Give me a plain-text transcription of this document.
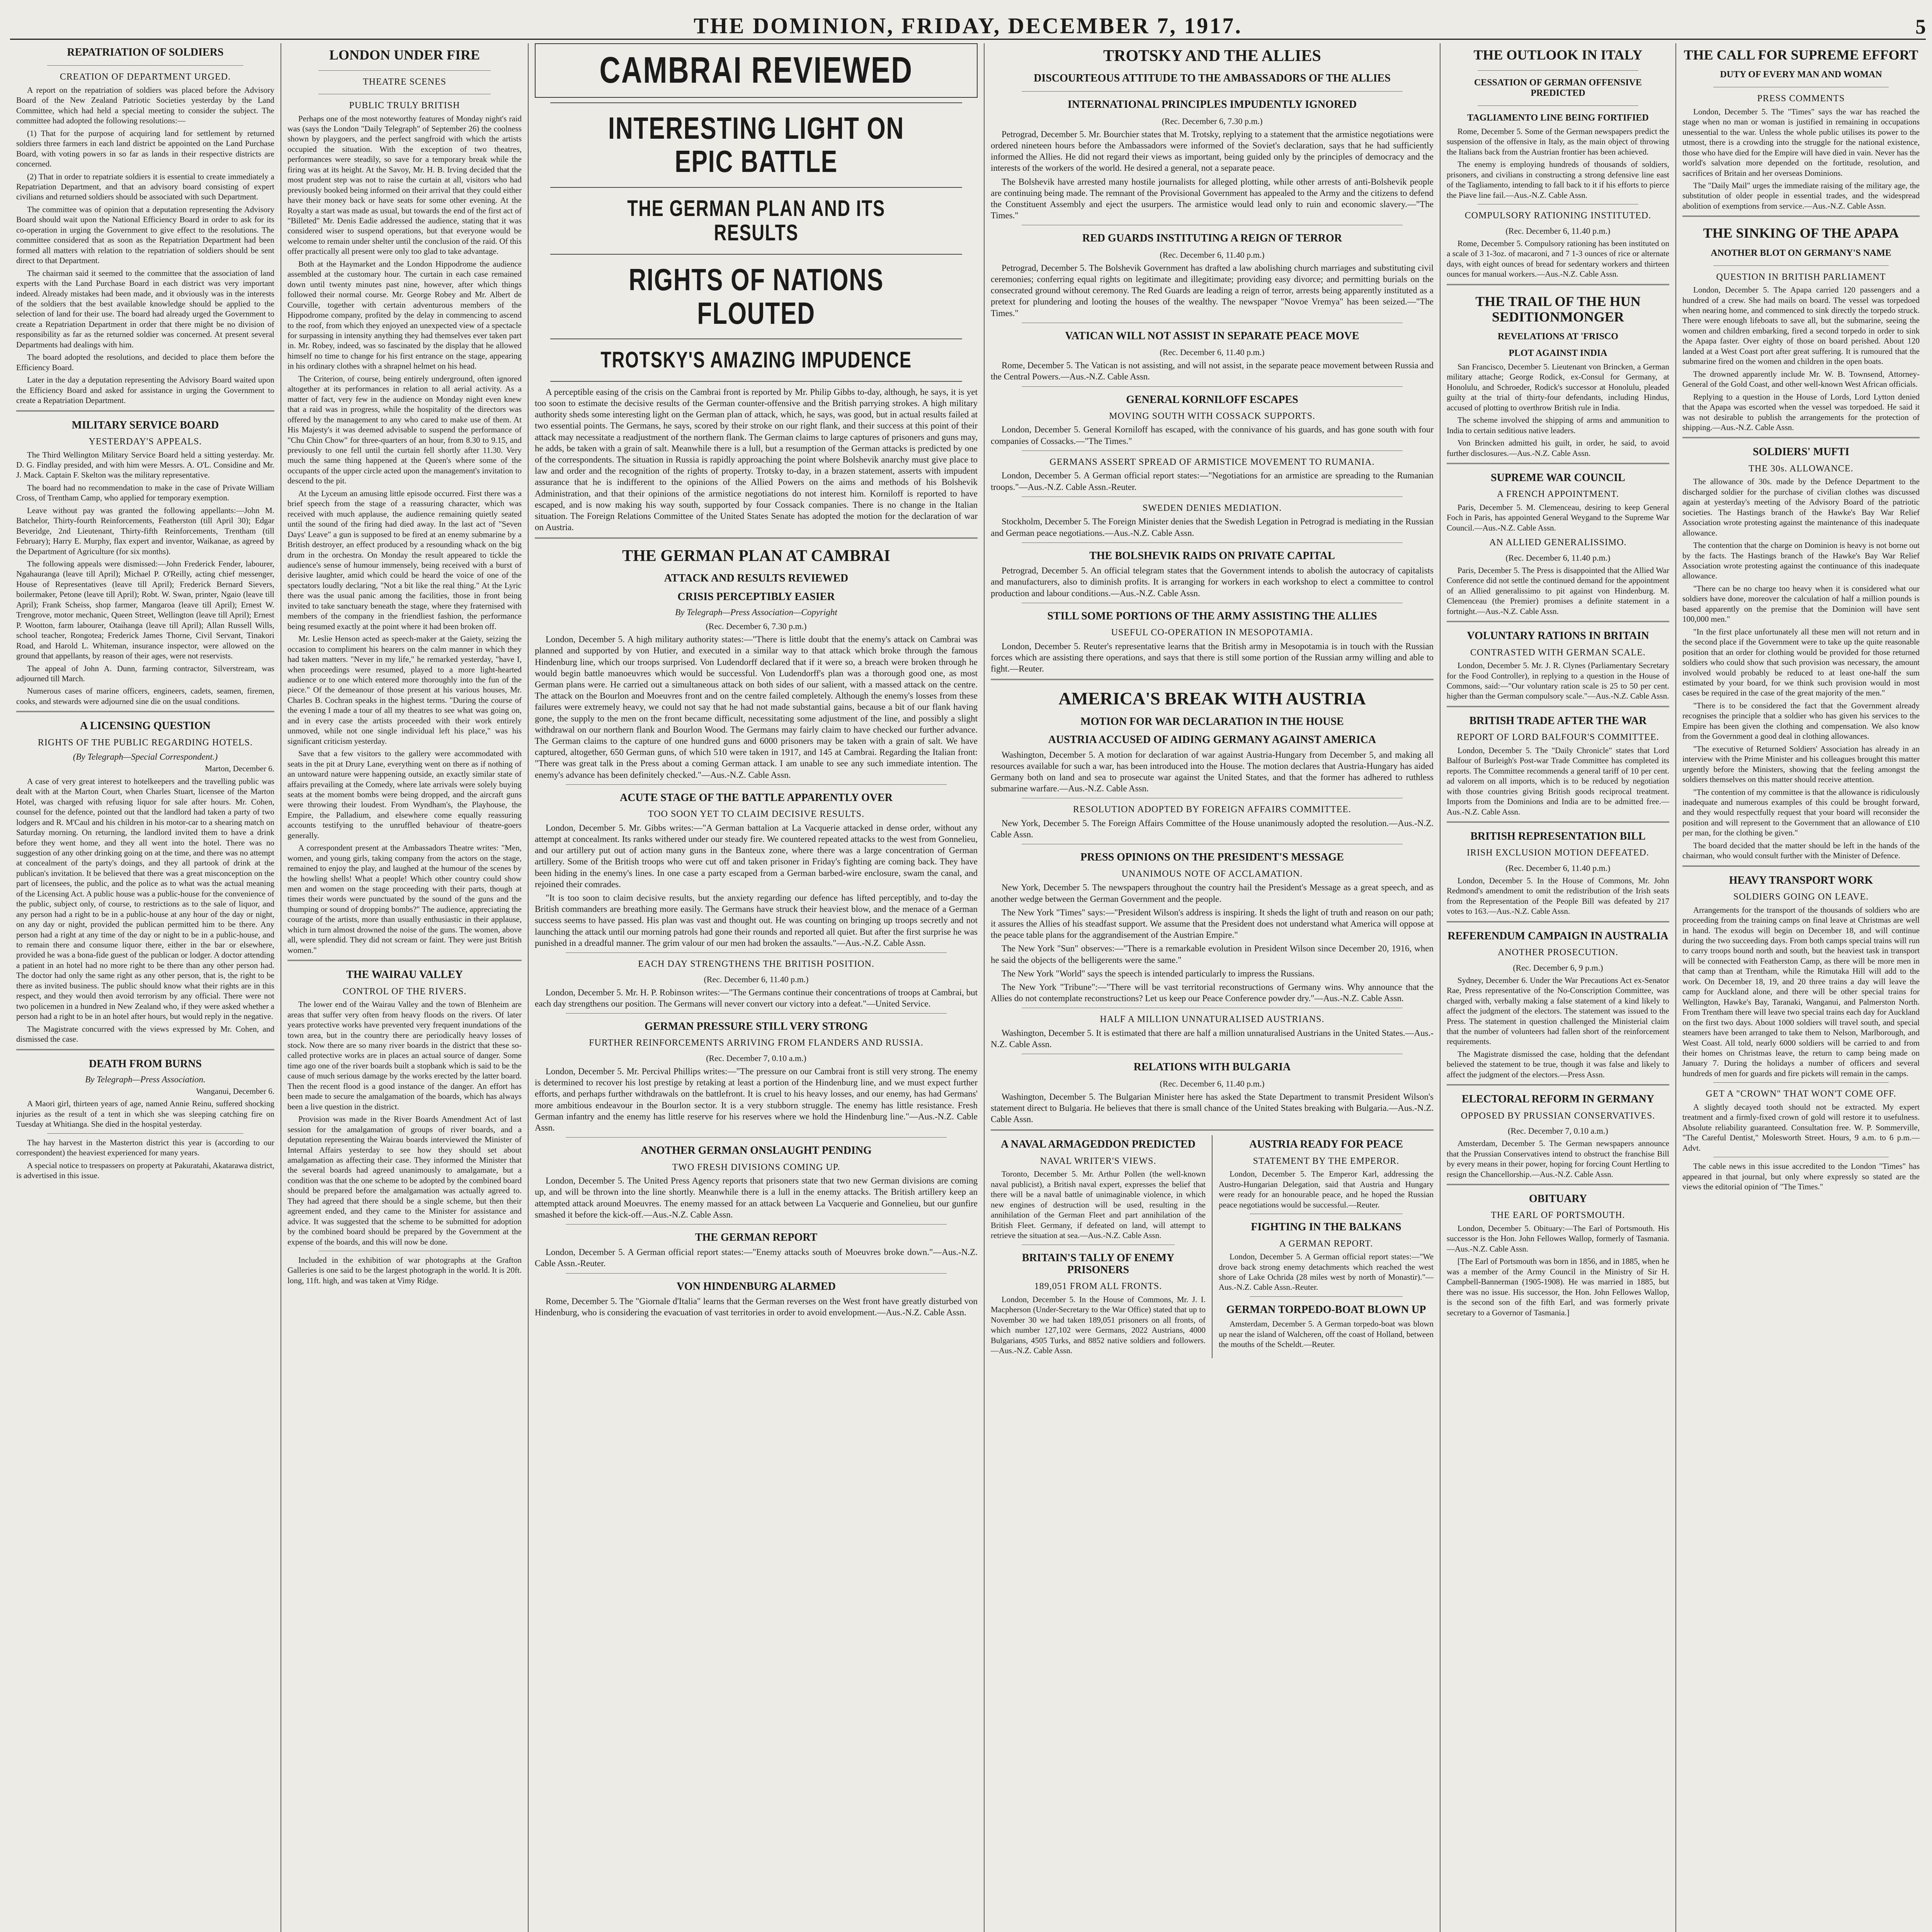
THE DOMINION, FRIDAY, DECEMBER 7, 1917.	5
REPATRIATION OF SOLDIERS
CREATION OF DEPARTMENT URGED.

A report on the repatriation of soldiers was placed before the Advisory Board of the New Zealand Patriotic Societies yesterday by the Land Committee, which had held a special meeting to consider the subject. The committee had adopted the following resolutions:—

(1) That for the purpose of acquiring land for settlement by returned soldiers three farmers in each land district be appointed on the Land Purchase Board, with voting powers in so far as lands in their respective districts are concerned.

(2) That in order to repatriate soldiers it is essential to create immediately a Repatriation Department, and that an advisory board consisting of expert civilians and returned soldiers should be associated with such Department.

The committee was of opinion that a deputation representing the Advisory Board should wait upon the National Efficiency Board in order to ask for its co-operation in urging the Government to give effect to the resolutions. The committee considered that as soon as the Repatriation Department had been formed all matters with relation to the repatriation of soldiers should be sent direct to that Department.

The chairman said it seemed to the committee that the association of land experts with the Land Purchase Board in each district was very important indeed. Already mistakes had been made, and it obviously was in the interests of the soldiers that the best available knowledge should be applied to the selection of land for their use. The board had already urged the Government to create a Repatriation Department in order that there might be no division of responsibility as far as the returned soldier was concerned. At present several Departments had dealings with him.

The board adopted the resolutions, and decided to place them before the Efficiency Board.

Later in the day a deputation representing the Advisory Board waited upon the Efficiency Board and asked for assistance in urging the Government to create a Repatriation Department.

MILITARY SERVICE BOARD
YESTERDAY'S APPEALS.

The Third Wellington Military Service Board held a sitting yesterday. Mr. D. G. Findlay presided, and with him were Messrs. A. O'L. Considine and Mr. J. Mack. Captain F. Skelton was the military representative.

The board had no recommendation to make in the case of Private William Cross, of Trentham Camp, who applied for temporary exemption.

Leave without pay was granted the following appellants:—John M. Batchelor, Thirty-fourth Reinforcements, Featherston (till April 30); Edgar Beveridge, 2nd Lieutenant, Thirty-fifth Reinforcements, Trentham (till February); Harry E. Murphy, flax expert and inventor, Waikanae, as agreed by the Department of Agriculture (for six months).

The following appeals were dismissed:—John Frederick Fender, labourer, Ngahauranga (leave till April); Michael P. O'Reilly, acting chief messenger, House of Representatives (leave till April); Frederick Bernard Sievers, boilermaker, Petone (leave till April); Robt. W. Swan, printer, Ngaio (leave till April); Frank Scheiss, shop farmer, Mangaroa (leave till April); Ernest W. Trengrove, motor mechanic, Queen Street, Wellington (leave till April); Ernest P. Wootton, farm labourer, Otaihanga (leave till April); Allan Russell Wills, school teacher, Rongotea; Frederick James Thorne, Civil Servant, Tinakori Road, and Harold L. Whiteman, insurance inspector, were allowed on the ground that appellants, by reason of their ages, were not reservists.

The appeal of John A. Dunn, farming contractor, Silverstream, was adjourned till March.

Numerous cases of marine officers, engineers, cadets, seamen, firemen, cooks, and stewards were adjourned sine die on the usual conditions.

A LICENSING QUESTION
RIGHTS OF THE PUBLIC REGARDING HOTELS.
(By Telegraph—Special Correspondent.)

Marton, December 6.

A case of very great interest to hotelkeepers and the travelling public was dealt with at the Marton Court, when Charles Stuart, licensee of the Marton Hotel, was charged with refusing liquor for sale after hours. Mr. Cohen, counsel for the defence, pointed out that the landlord had taken a party of two lodgers and R. M'Caul and his children in his motor-car to a shearing match on Saturday morning. On returning, the landlord invited them to have a drink before they went home, and they all went into the hotel. There was no suggestion of any other drinking going on at the time, and there was no attempt at concealment of the party's doings, and they all partook of drink at the publican's invitation. It be believed that there was a great misconception on the part of licensees, the public, and the police as to what was the actual meaning of the Licensing Act. A public house was a public-house for the convenience of the public, subject only, of course, to restrictions as to the sale of liquor, and any person had a right to be in a public-house at any hour of the day or night, on any day or night, provided the publican permitted him to be there. Any person had a right at any time of the day or night to be in a public-house, and to remain there and consume liquor there, either in the bar or elsewhere, provided he was a bona-fide guest of the publican or lodger. A doctor attending a patient in an hotel had no more right to be there than any other person had. The doctor had only the same right as any other person, that is, the right to be there as invited business. The public should know what their rights are in this respect, and they would then avoid terrorism by any official. There were not two policemen in a hundred in New Zealand who, if they were asked whether a person had a right to be in an hotel after hours, but would reply in the negative.

The Magistrate concurred with the views expressed by Mr. Cohen, and dismissed the case.

DEATH FROM BURNS
By Telegraph—Press Association.

Wanganui, December 6.

A Maori girl, thirteen years of age, named Annie Reinu, suffered shocking injuries as the result of a tent in which she was sleeping catching fire on Tuesday at Whitianga. She died in the hospital yesterday.

The hay harvest in the Masterton district this year is (according to our correspondent) the heaviest experienced for many years.

A special notice to trespassers on property at Pakuratahi, Akatarawa district, is advertised in this issue.

LONDON UNDER FIRE
THEATRE SCENES
PUBLIC TRULY BRITISH

Perhaps one of the most noteworthy features of Monday night's raid was (says the London "Daily Telegraph" of September 26) the coolness shown by playgoers, and the perfect sangfroid with which the artists occupied the situation. With the exception of two theatres, performances were steadily, so save for a temporary break while the firing was at its height. At the Savoy, Mr. H. B. Irving decided that the most prudent step was not to raise the curtain at all, visitors who had previously booked being informed on their arrival that they could either have their money back or have seats for some other evening. At the Royalty a start was made as usual, but towards the end of the first act of "Billeted" Mr. Denis Eadie addressed the audience, stating that it was considered wiser to suspend operations, but that everyone would be welcome to remain under shelter until the conclusion of the raid. Of this offer practically all present were only too glad to take advantage.

Both at the Haymarket and the London Hippodrome the audience assembled at the customary hour. The curtain in each case remained down until twenty minutes past nine, however, after which things followed their normal course. Mr. George Robey and Mr. Albert de Courville, together with certain adventurous members of the Hippodrome company, profited by the delay in commencing to ascend to the roof, from which they enjoyed an unexpected view of a spectacle for surpassing in intensity anything they had themselves ever taken part in. Mr. Robey, indeed, was so fascinated by the display that he allowed himself no time to change for his first entrance on the stage, appearing in his ordinary clothes with a shrapnel helmet on his head.

The Criterion, of course, being entirely underground, often ignored altogether at its performances in relation to all aerial activity. As a matter of fact, very few in the audience on Monday night even knew that a raid was in progress, while the hospitality of the directors was offered by the management to any who cared to make use of them. At His Majesty's it was deemed advisable to suspend the performance of "Chu Chin Chow" for three-quarters of an hour, from 8.30 to 9.15, and previously to one fell until the curtain fell shortly after 11.30. Very much the same thing happened at the Queen's where some of the occupants of the upper circle acted upon the management's invitation to descend to the pit.

At the Lyceum an amusing little episode occurred. First there was a brief speech from the stage of a reassuring character, which was received with much applause, the audience remaining quietly seated until the sound of the firing had died away. In the last act of "Seven Days' Leave" a gun is supposed to be fired at an enemy submarine by a British destroyer, an effect produced by a resounding whack on the big drum in the orchestra. On Monday the result appeared to tickle the audience's sense of humour immensely, being received with a burst of derisive laughter, amid which could be heard the voice of one of the spectators loudly declaring, "Not a bit like the real thing." At the Lyric there was the usual panic among the facilities, those in front being invited to take sanctuary beneath the stage, where they fraternised with members of the company in the friendliest fashion, the performance being resumed exactly at the point where it had been broken off.

Mr. Leslie Henson acted as speech-maker at the Gaiety, seizing the occasion to compliment his hearers on the calm manner in which they had taken matters. "Never in my life," he remarked yesterday, "have I, when proceedings were resumed, played to a more light-hearted audience or to one which entered more thoroughly into the fun of the piece." Of the demeanour of those present at his various houses, Mr. Charles B. Cochran speaks in the highest terms. "During the course of the evening I made a tour of all my theatres to see what was going on, and in every case the artists proceeded with their work entirely unmoved, while not one single individual left his place," was his significant criticism yesterday.

Save that a few visitors to the gallery were accommodated with seats in the pit at Drury Lane, everything went on there as if nothing of an untoward nature were happening outside, an exactly similar state of affairs prevailing at the Comedy, where late arrivals were solely buying seats at the moment bombs were being dropped, and the aircraft guns were throwing their loudest. From Wyndham's, the Playhouse, the Empire, the Palladium, and elsewhere come equally reassuring accounts testifying to the unruffled behaviour of theatre-goers generally.

A correspondent present at the Ambassadors Theatre writes: "Men, women, and young girls, taking company from the actors on the stage, remained to enjoy the play, and laughed at the humour of the scenes by the howling shells! What a people! Which other country could show men and women on the stage proceeding with their parts, though at times their words were punctuated by the sound of the guns and the thumping or sound of dropping bombs?" The audience, appreciating the courage of the artists, more than usually enthusiastic in their applause, which in turn almost drowned the noise of the guns. The women, above all, were splendid. They did not scream or faint. They were just British women."

THE WAIRAU VALLEY
CONTROL OF THE RIVERS.

The lower end of the Wairau Valley and the town of Blenheim are areas that suffer very often from heavy floods on the rivers. Of later years protective works have prevented very frequent inundations of the town area, but in the country there are periodically heavy losses of stock. Now there are so many river boards in the district that these so-called protective works are in places an actual source of danger. Some time ago one of the river boards built a stopbank which is said to be the cause of much serious damage by the works erected by the latter board. Then the recent flood is a good instance of the danger. An effort has been made to secure the amalgamation of the boards, which has always been a live question in the district.

Provision was made in the River Boards Amendment Act of last session for the amalgamation of groups of river boards, and a deputation representing the Wairau boards interviewed the Minister of Internal Affairs yesterday to see how they should set about amalgamation as affecting their case. They informed the Minister that the several boards had agreed unanimously to amalgamate, but a condition was that the one scheme to be adopted by the combined board should be prepared before the amalgamation was actually agreed to. They had agreed that there should be a single scheme, but then their agreement ended, and they came to the Minister for assistance and advice. It was suggested that the scheme to be submitted for adoption by the combined board should be prepared by the Government at the expense of the boards, and this will now be done.

Included in the exhibition of war photographs at the Grafton Galleries is one said to be the largest photograph in the world. It is 20ft. long, 11ft. high, and was taken at Vimy Ridge.

CAMBRAI REVIEWED
INTERESTING LIGHT ON EPIC BATTLE
THE GERMAN PLAN AND ITS RESULTS
RIGHTS OF NATIONS FLOUTED
TROTSKY'S AMAZING IMPUDENCE

A perceptible easing of the crisis on the Cambrai front is reported by Mr. Philip Gibbs to-day, although, he says, it is yet too soon to estimate the decisive results of the German counter-offensive and the British parrying strokes. A high military authority sheds some interesting light on the German plan of attack, which, he says, was good, but in actual results failed at two essential points. The Germans, he says, scored by their stroke on our right flank, and their success at this point of their attack may necessitate a readjustment of the northern flank. The German claims to large captures of prisoners and guns may, he adds, be taken with a grain of salt. Meanwhile there is a lull, but a resumption of the German attacks is predicted by one of the correspondents. The situation in Russia is rapidly approaching the point where Bolshevik anarchy must give place to law and order and the recognition of the rights of property. Trotsky to-day, in a brazen statement, asserts with impudent assurance that he is indifferent to the opinions of the Allied Powers on the aims and methods of his Bolshevik Administration, and that their opinions of the armistice negotiations do not interest him. Korniloff is reported to have escaped, and is now making his way south, supported by four Cossack companies. There is no change in the Italian situation. The Foreign Relations Committee of the United States Senate has adopted the motion for the declaration of war on Austria.

THE GERMAN PLAN AT CAMBRAI
ATTACK AND RESULTS REVIEWED
CRISIS PERCEPTIBLY EASIER
By Telegraph—Press Association—Copyright
(Rec. December 6, 7.30 p.m.)

London, December 5. A high military authority states:—"There is little doubt that the enemy's attack on Cambrai was planned and supported by von Hutier, and executed in a similar way to that attack which broke through the famous Hindenburg line, which our troops surprised. Von Ludendorff declared that if it were so, a breach were broken through he would begin battle manoeuvres which would be successful. Von Ludendorff's plan was a thorough good one, as most German plans were. He carried out a simultaneous attack on both sides of our salient, with a massed attack on the centre. The attack on the Bourlon and Moeuvres front and on the centre failed completely. Although the enemy's losses from these failures were extremely heavy, we could not say that he had not made substantial gains, because a bit of our flank having gone, the supply to the men on the front became difficult, necessitating some adjustment of the line, and possibly a slight withdrawal on our northern flank and Bourlon Wood. The Germans may fairly claim to have checked our further advance. The German claims to the capture of one hundred guns and 6000 prisoners may be taken with a grain of salt. We have captured, altogether, 650 German guns, of which 510 were taken in 1917, and 145 at Cambrai. Regarding the Italian front: "There was great talk in the Press about a coming German attack. I am unable to see any such immediate intention. The enemy's advance has been definitely checked."—Aus.-N.Z. Cable Assn.

ACUTE STAGE OF THE BATTLE APPARENTLY OVER
TOO SOON YET TO CLAIM DECISIVE RESULTS.

London, December 5. Mr. Gibbs writes:—"A German battalion at La Vacquerie attacked in dense order, without any attempt at concealment. Its ranks withered under our steady fire. We countered repeated attacks to the west from Gonnelieu, and our artillery put out of action many guns in the Banteux zone, where there was a large concentration of German artillery. Some of the British troops who were cut off and taken prisoner in Friday's fighting are coming back. They have been hiding in the enemy's lines. In one case a party escaped from a German barbed-wire enclosure, swam the canal, and rejoined their comrades.

"It is too soon to claim decisive results, but the anxiety regarding our defence has lifted perceptibly, and to-day the British commanders are breathing more easily. The Germans have struck their heaviest blow, and the menace of a German success seems to have passed. His plan was vast and thought out. He was counting on bringing up troops secretly and not launching the attack until our morning patrols had gone their rounds and reported all quiet. But after the first surprise he was punished in a dreadful manner. The grim valour of our men had broken the assaults."—Aus.-N.Z. Cable Assn.

EACH DAY STRENGTHENS THE BRITISH POSITION.
(Rec. December 6, 11.40 p.m.)

London, December 5. Mr. H. P. Robinson writes:—"The Germans continue their concentrations of troops at Cambrai, but each day strengthens our position. The Germans will never convert our victory into a defeat."—United Service.

GERMAN PRESSURE STILL VERY STRONG
FURTHER REINFORCEMENTS ARRIVING FROM FLANDERS AND RUSSIA.
(Rec. December 7, 0.10 a.m.)

London, December 5. Mr. Percival Phillips writes:—"The pressure on our Cambrai front is still very strong. The enemy is determined to recover his lost prestige by retaking at least a portion of the Hindenburg line, and we must expect further efforts, and perhaps further withdrawals on the battlefront. It is cruel to his heavy losses, and our enemy, has had Germans' more ambitious endeavour in the Bourlon sector. It is a very stubborn struggle. The enemy has little resistance. Fresh German infantry and the enemy has little reserve for his reserves where we hold the Hindenburg line."—Aus.-N.Z. Cable Assn.

ANOTHER GERMAN ONSLAUGHT PENDING
TWO FRESH DIVISIONS COMING UP.

London, December 5. The United Press Agency reports that prisoners state that two new German divisions are coming up, and will be thrown into the line shortly. Meanwhile there is a lull in the enemy attacks. The British artillery keep an attempted attack around Moeuvres. The enemy massed for an attack between La Vacquerie and Gonnelieu, but our gunfire smashed it before the kick-off.—Aus.-N.Z. Cable Assn.

THE GERMAN REPORT

London, December 5. A German official report states:—"Enemy attacks south of Moeuvres broke down."—Aus.-N.Z. Cable Assn.-Reuter.

VON HINDENBURG ALARMED

Rome, December 5. The "Giornale d'Italia" learns that the German reverses on the West front have greatly disturbed von Hindenburg, who is considering the evacuation of vast territories in order to avoid envelopment.—Aus.-N.Z. Cable Assn.

TROTSKY AND THE ALLIES
DISCOURTEOUS ATTITUDE TO THE AMBASSADORS OF THE ALLIES
INTERNATIONAL PRINCIPLES IMPUDENTLY IGNORED
(Rec. December 6, 7.30 p.m.)

Petrograd, December 5. Mr. Bourchier states that M. Trotsky, replying to a statement that the armistice negotiations were ordered nineteen hours before the Ambassadors were informed of the Soviet's declaration, says that he had sufficiently informed the Allies. He did not regard their views as important, being guided only by the principles of democracy and the interests of the workers of the world. He desired a general, not a separate peace.

The Bolshevik have arrested many hostile journalists for alleged plotting, while other arrests of anti-Bolshevik people are continuing being made. The remnant of the Provisional Government has appealed to the Army and the citizens to defend the Constituent Assembly and eject the usurpers. The armistice would lead only to ruin and economic slavery.—"The Times."

RED GUARDS INSTITUTING A REIGN OF TERROR
(Rec. December 6, 11.40 p.m.)

Petrograd, December 5. The Bolshevik Government has drafted a law abolishing church marriages and substituting civil ceremonies; conferring equal rights on legitimate and illegitimate; providing easy divorce; and permitting burials on the consecrated ground without ceremony. The Red Guards are leading a reign of terror, arrests being apparently instituted as a pretext for plundering and looting the houses of the wealthy. The newspaper "Novoe Vremya" has been seized.—"The Times."

VATICAN WILL NOT ASSIST IN SEPARATE PEACE MOVE
(Rec. December 6, 11.40 p.m.)

Rome, December 5. The Vatican is not assisting, and will not assist, in the separate peace movement between Russia and the Central Powers.—Aus.-N.Z. Cable Assn.

GENERAL KORNILOFF ESCAPES
MOVING SOUTH WITH COSSACK SUPPORTS.

London, December 5. General Korniloff has escaped, with the connivance of his guards, and has gone south with four companies of Cossacks.—"The Times."

GERMANS ASSERT SPREAD OF ARMISTICE MOVEMENT TO RUMANIA.

London, December 5. A German official report states:—"Negotiations for an armistice are spreading to the Rumanian troops."—Aus.-N.Z. Cable Assn.-Reuter.

SWEDEN DENIES MEDIATION.

Stockholm, December 5. The Foreign Minister denies that the Swedish Legation in Petrograd is mediating in the Russian and German peace negotiations.—Aus.-N.Z. Cable Assn.

THE BOLSHEVIK RAIDS ON PRIVATE CAPITAL

Petrograd, December 5. An official telegram states that the Government intends to abolish the autocracy of capitalists and manufacturers, also to diminish profits. It is arranging for workers in each workshop to elect a committee to control production and labour conditions.—Aus.-N.Z. Cable Assn.

STILL SOME PORTIONS OF THE ARMY ASSISTING THE ALLIES
USEFUL CO-OPERATION IN MESOPOTAMIA.

London, December 5. Reuter's representative learns that the British army in Mesopotamia is in touch with the Russian forces which are assisting there operations, and says that there is still some portion of the Russian army willing and able to fight.—Reuter.

AMERICA'S BREAK WITH AUSTRIA
MOTION FOR WAR DECLARATION IN THE HOUSE
AUSTRIA ACCUSED OF AIDING GERMANY AGAINST AMERICA

Washington, December 5. A motion for declaration of war against Austria-Hungary from December 5, and making all resources available for such a war, has been introduced into the House. The motion declares that Austria-Hungary has aided Germany both on land and sea to prosecute war against the United States, and that the former has adhered to ruthless submarine warfare.—Aus.-N.Z. Cable Assn.

RESOLUTION ADOPTED BY FOREIGN AFFAIRS COMMITTEE.

New York, December 5. The Foreign Affairs Committee of the House unanimously adopted the resolution.—Aus.-N.Z. Cable Assn.

PRESS OPINIONS ON THE PRESIDENT'S MESSAGE
UNANIMOUS NOTE OF ACCLAMATION.

New York, December 5. The newspapers throughout the country hail the President's Message as a great speech, and as another wedge between the German Government and the people.

The New York "Times" says:—"President Wilson's address is inspiring. It sheds the light of truth and reason on our path; it assures the Allies of his steadfast support. We assume that the President does not understand what America will oppose at the peace table plans for the aggrandisement of the Austrian Empire."

The New York "Sun" observes:—"There is a remarkable evolution in President Wilson since December 20, 1916, when he said the objects of the belligerents were the same."

The New York "World" says the speech is intended particularly to impress the Russians.

The New York "Tribune":—"There will be vast territorial reconstructions of Germany wins. Why announce that the Allies do not contemplate reconstructions? Let us keep our Peace Conference powder dry."—Aus.-N.Z. Cable Assn.

HALF A MILLION UNNATURALISED AUSTRIANS.

Washington, December 5. It is estimated that there are half a million unnaturalised Austrians in the United States.—Aus.-N.Z. Cable Assn.

RELATIONS WITH BULGARIA
(Rec. December 6, 11.40 p.m.)

Washington, December 5. The Bulgarian Minister here has asked the State Department to transmit President Wilson's statement direct to Bulgaria. He believes that there is small chance of the United States breaking with Bulgaria.—Aus.-N.Z. Cable Assn.

A NAVAL ARMAGEDDON PREDICTED
NAVAL WRITER'S VIEWS.

Toronto, December 5. Mr. Arthur Pollen (the well-known naval publicist), a British naval expert, expresses the belief that there will be a naval battle of unimaginable violence, in which new engines of destruction will be used, resulting in the annihilation of the German Fleet and part annihilation of the British Fleet. Germany, if defeated on land, will attempt to retrieve the situation at sea.—Aus.-N.Z. Cable Assn.

BRITAIN'S TALLY OF ENEMY PRISONERS
189,051 FROM ALL FRONTS.

London, December 5. In the House of Commons, Mr. J. I. Macpherson (Under-Secretary to the War Office) stated that up to November 30 we had taken 189,051 prisoners on all fronts, of which number 127,102 were Germans, 2022 Austrians, 4000 Bulgarians, 4505 Turks, and 8852 native soldiers and followers.—Aus.-N.Z. Cable Assn.

AUSTRIA READY FOR PEACE
STATEMENT BY THE EMPEROR.

London, December 5. The Emperor Karl, addressing the Austro-Hungarian Delegation, said that Austria and Hungary were ready for an honourable peace, and he hoped the Russian peace negotiations would be successful.—Reuter.

FIGHTING IN THE BALKANS
A GERMAN REPORT.

London, December 5. A German official report states:—"We drove back strong enemy detachments which reached the west shore of Lake Ochrida (28 miles west by north of Monastir)."—Aus.-N.Z. Cable Assn.-Reuter.

GERMAN TORPEDO-BOAT BLOWN UP

Amsterdam, December 5. A German torpedo-boat was blown up near the island of Walcheren, off the coast of Holland, between the mouths of the Scheldt.—Reuter.

THE OUTLOOK IN ITALY
CESSATION OF GERMAN OFFENSIVE PREDICTED
TAGLIAMENTO LINE BEING FORTIFIED

Rome, December 5. Some of the German newspapers predict the suspension of the offensive in Italy, as the main object of throwing the Italians back from the Austrian frontier has been achieved.

The enemy is employing hundreds of thousands of soldiers, prisoners, and civilians in constructing a strong defensive line east of the Tagliamento, intending to fall back to it if his efforts to pierce the Piave line fail.—Aus.-N.Z. Cable Assn.

COMPULSORY RATIONING INSTITUTED.
(Rec. December 6, 11.40 p.m.)

Rome, December 5. Compulsory rationing has been instituted on a scale of 3 1-3oz. of macaroni, and 7 1-3 ounces of rice or alternate days, with eight ounces of bread for sedentary workers and thirteen ounces for manual workers.—Aus.-N.Z. Cable Assn.

THE TRAIL OF THE HUN SEDITIONMONGER
REVELATIONS AT 'FRISCO
PLOT AGAINST INDIA

San Francisco, December 5. Lieutenant von Brincken, a German military attache; George Rodick, ex-Consul for Germany, at Honolulu, and Schroeder, Rodick's successor at Honolulu, pleaded guilty at the trial of thirty-four defendants, including Hindus, accused of plotting to overthrow British rule in India.

The scheme involved the shipping of arms and ammunition to India to certain seditious native leaders.

Von Brincken admitted his guilt, in order, he said, to avoid further disclosures.—Aus.-N.Z. Cable Assn.

SUPREME WAR COUNCIL
A FRENCH APPOINTMENT.

Paris, December 5. M. Clemenceau, desiring to keep General Foch in Paris, has appointed General Weygand to the Supreme War Council.—Aus.-N.Z. Cable Assn.

AN ALLIED GENERALISSIMO.
(Rec. December 6, 11.40 p.m.)

Paris, December 5. The Press is disappointed that the Allied War Conference did not settle the continued demand for the appointment of an Allied generalissimo to pit against von Hindenburg. M. Clemenceau (the Premier) promises a definite statement in a fortnight.—Aus.-N.Z. Cable Assn.

VOLUNTARY RATIONS IN BRITAIN
CONTRASTED WITH GERMAN SCALE.

London, December 5. Mr. J. R. Clynes (Parliamentary Secretary for the Food Controller), in replying to a question in the House of Commons, said:—"Our voluntary ration scale is 25 to 50 per cent. higher than the German compulsory scale."—Aus.-N.Z. Cable Assn.

BRITISH TRADE AFTER THE WAR
REPORT OF LORD BALFOUR'S COMMITTEE.

London, December 5. The "Daily Chronicle" states that Lord Balfour of Burleigh's Post-war Trade Committee has completed its reports. The Committee recommends a general tariff of 10 per cent. ad valorem on all imports, which is to be reduced by negotiation with those countries giving British goods reciprocal treatment. Imports from the Dominions and India are to be admitted free.—Aus.-N.Z. Cable Assn.

BRITISH REPRESENTATION BILL
IRISH EXCLUSION MOTION DEFEATED.
(Rec. December 6, 11.40 p.m.)

London, December 5. In the House of Commons, Mr. John Redmond's amendment to omit the redistribution of the Irish seats from the Representation of the People Bill was defeated by 217 votes to 163.—Aus.-N.Z. Cable Assn.

REFERENDUM CAMPAIGN IN AUSTRALIA
ANOTHER PROSECUTION.
(Rec. December 6, 9 p.m.)

Sydney, December 6. Under the War Precautions Act ex-Senator Rae, Press representative of the No-Conscription Committee, was charged with, verbally making a false statement of a kind likely to affect the judgment of the electors. The statement was issued to the Press. The statement in question challenged the Ministerial claim that the number of volunteers had fallen short of the reinforcement requirements.

The Magistrate dismissed the case, holding that the defendant believed the statement to be true, though it was false and likely to affect the judgment of the electors.—Press Assn.

ELECTORAL REFORM IN GERMANY
OPPOSED BY PRUSSIAN CONSERVATIVES.
(Rec. December 7, 0.10 a.m.)

Amsterdam, December 5. The German newspapers announce that the Prussian Conservatives intend to obstruct the franchise Bill by every means in their power, hoping for forcing Count Hertling to resign the Chancellorship.—Aus.-N.Z. Cable Assn.

OBITUARY
THE EARL OF PORTSMOUTH.

London, December 5. Obituary:—The Earl of Portsmouth. His successor is the Hon. John Fellowes Wallop, formerly of Tasmania.—Aus.-N.Z. Cable Assn.

[The Earl of Portsmouth was born in 1856, and in 1885, when he was a member of the Army Council in the Ministry of Sir H. Campbell-Bannerman (1905-1908). He was married in 1885, but there was no issue. His successor, the Hon. John Fellowes Wallop, is the second son of the fifth Earl, and was formerly private secretary to a Governor of Tasmania.]

THE CALL FOR SUPREME EFFORT
DUTY OF EVERY MAN AND WOMAN
PRESS COMMENTS

London, December 5. The "Times" says the war has reached the stage when no man or woman is justified in remaining in occupations unessential to the war. Unless the whole public utilises its power to the utmost, there is a crowding into the struggle for the national existence, those who have died for the Empire will have died in vain. Never has the world's salvation more depended on the fortitude, resolution, and sacrifices of Britain and her overseas Dominions.

The "Daily Mail" urges the immediate raising of the military age, the substitution of older people in essential trades, and the widespread abolition of exemptions from service.—Aus.-N.Z. Cable Assn.

THE SINKING OF THE APAPA
ANOTHER BLOT ON GERMANY'S NAME
QUESTION IN BRITISH PARLIAMENT

London, December 5. The Apapa carried 120 passengers and a hundred of a crew. She had mails on board. The vessel was torpedoed when nearing home, and commenced to sink directly the torpedo struck. There were enough lifeboats to save all, but the submarine, seeing the women and children embarking, fired a second torpedo in order to sink the Apapa faster. Over eighty of those on board perished. About 120 landed at a West Coast port after great suffering. It is rumoured that the submarine fired on the women and children in the open boats.

The drowned apparently include Mr. W. B. Townsend, Attorney-General of the Gold Coast, and other well-known West African officials.

Replying to a question in the House of Lords, Lord Lytton denied that the Apapa was escorted when the vessel was torpedoed. He said it was not desirable to publish the arrangements for the protection of shipping.—Aus.-N.Z. Cable Assn.

SOLDIERS' MUFTI
THE 30s. ALLOWANCE.

The allowance of 30s. made by the Defence Department to the discharged soldier for the purchase of civilian clothes was discussed again at yesterday's meeting of the Advisory Board of the patriotic societies. The Hastings branch of the Hawke's Bay War Relief Association wrote protesting against the maintenance of this inadequate allowance.

The contention that the charge on Dominion is heavy is not borne out by the facts. The Hastings branch of the Hawke's Bay War Relief Association wrote protesting against the continuance of this inadequate allowance.

"There can be no charge too heavy when it is considered what our soldiers have done, moreover the calculation of half a million pounds is based apparently on the premise that the Dominion will have sent 100,000 men."

"In the first place unfortunately all these men will not return and in the second place if the Government were to take up the quite reasonable position that an order for clothing would be provided for those returned soldiers who could show that such provision was necessary, the amount involved would probably be reduced to at least one-half the sum estimated by your board, for we think such provision would in most cases be required in the case of the great majority of the men."

"There is to be considered the fact that the Government already recognises the principle that a soldier who has given his services to the Empire has been given the clothing and compensation. We also know from the Government a good deal in clothing allowances.

"The executive of Returned Soldiers' Association has already in an interview with the Prime Minister and his colleagues brought this matter urgently before the Ministers, showing that the feeling amongst the soldiers themselves on this matter should receive attention.

"The contention of my committee is that the allowance is ridiculously inadequate and numerous examples of this could be brought forward, and they would respectfully request that your board will reconsider the position and will represent to the Government that an allowance of £10 per man, for the clothing be given."

The board decided that the matter should be left in the hands of the chairman, who would consult further with the Minister of Defence.

HEAVY TRANSPORT WORK
SOLDIERS GOING ON LEAVE.

Arrangements for the transport of the thousands of soldiers who are proceeding from the training camps on final leave at Christmas are well in hand. The exodus will begin on December 18, and will continue during the two succeeding days. From both camps special trains will run to carry troops bound north and south, but the heaviest task in transport will be connected with Featherston Camp, as there will be more men in that camp than at Trentham, while the Rimutaka Hill will add to the work. On December 18, 19, and 20 three trains a day will leave the camp for Auckland alone, and there will be other special trains for Wellington, Hawke's Bay, Taranaki, Wanganui, and Palmerston North. From Trentham there will leave two special trains each day for Auckland on the first two days. About 1000 soldiers will travel south, and special steamers have been arranged to take them to Nelson, Marlborough, and West Coast. All told, nearly 6000 soldiers will be carried to and from their homes on Christmas leave, the return to camp being made on January 7. During the holidays a number of officers and several hundreds of men for guards and fire pickets will remain in the camps.

GET A "CROWN" THAT WON'T COME OFF.

A slightly decayed tooth should not be extracted. My expert treatment and a firmly-fixed crown of gold will restore it to usefulness. Absolute reliability guaranteed. Consultation free. W. P. Sommerville, "The Careful Dentist," Molesworth Street. Hours, 9 a.m. to 6 p.m.—Advt.

The cable news in this issue accredited to the London "Times" has appeared in that journal, but only where expressly so stated are the views the editorial opinion of "The Times."
